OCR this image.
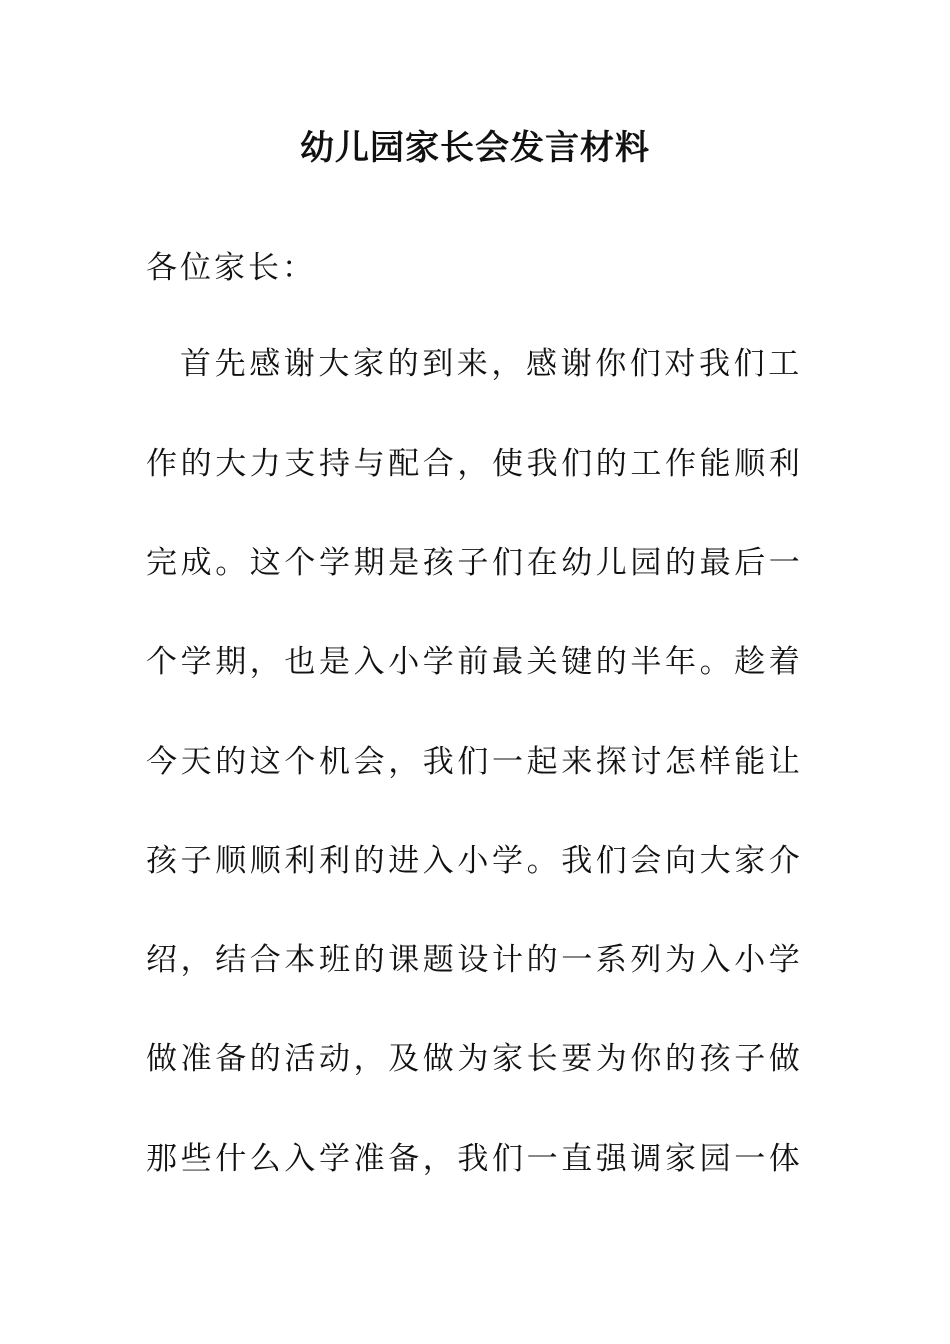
幼儿园家长会发言材料
各位家长：
首先感谢大家的到来，感谢你们对我们工
作的大力支持与配合，使我们的工作能顺利
完成。这个学期是孩子们在幼儿园的最后一
个学期，也是入小学前最关键的半年。趁着
今天的这个机会，我们一起来探讨怎样能让
孩子顺顺利利的进入小学。我们会向大家介
绍，结合本班的课题设计的一系列为入小学
做准备的活动，及做为家长要为你的孩子做
那些什么入学准备，我们一直强调家园一体
